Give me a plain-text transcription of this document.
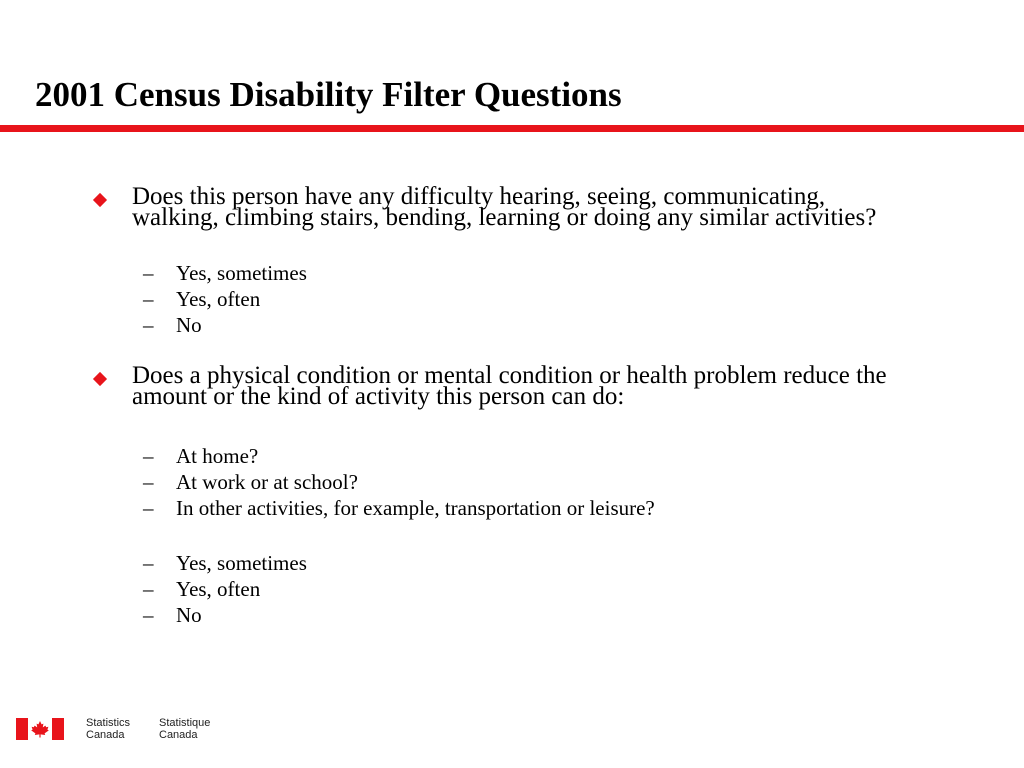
2001 Census Disability Filter Questions

Does this person have any difficulty hearing, seeing, communicating, walking, climbing stairs, bending, learning or doing any similar activities?

– Yes, sometimes
– Yes, often
– No

Does a physical condition or mental condition or health problem reduce the amount or the kind of activity this person can do:

– At home?
– At work or at school?
– In other activities, for example, transportation or leisure?
– Yes, sometimes
– Yes, often
– No
Statistics
Canada
Statistique
Canada
